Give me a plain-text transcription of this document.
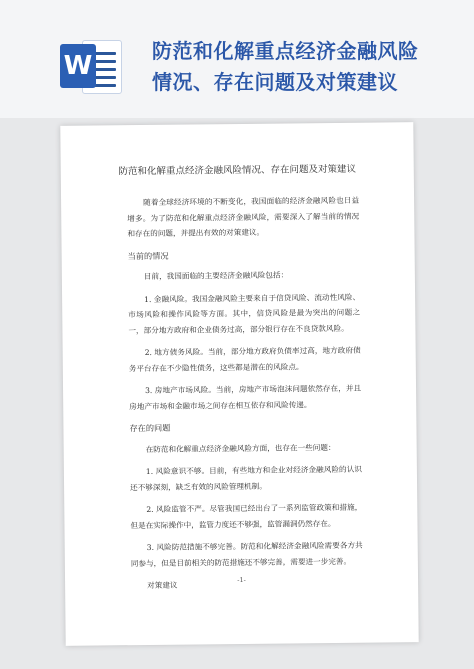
W	防范和化解重点经济金融风险
情况、存在问题及对策建议
防范和化解重点经济金融风险情况、存在问题及对策建议

随着全球经济环境的不断变化，我国面临的经济金融风险也日益增多。为了防范和化解重点经济金融风险，需要深入了解当前的情况和存在的问题，并提出有效的对策建议。

当前的情况

目前，我国面临的主要经济金融风险包括：

1. 金融风险。我国金融风险主要来自于信贷风险、流动性风险、市场风险和操作风险等方面。其中，信贷风险是最为突出的问题之一，部分地方政府和企业债务过高，部分银行存在不良贷款风险。

2. 地方债务风险。当前，部分地方政府负债率过高，地方政府债务平台存在不少隐性债务，这些都是潜在的风险点。

3. 房地产市场风险。当前，房地产市场泡沫问题依然存在，并且房地产市场和金融市场之间存在相互依存和风险传递。

存在的问题

在防范和化解重点经济金融风险方面，也存在一些问题：

1. 风险意识不够。目前，有些地方和企业对经济金融风险的认识还不够深刻，缺乏有效的风险管理机制。

2. 风险监管不严。尽管我国已经出台了一系列监管政策和措施，但是在实际操作中，监管力度还不够强，监管漏洞仍然存在。

3. 风险防范措施不够完善。防范和化解经济金融风险需要各方共同参与，但是目前相关的防范措施还不够完善，需要进一步完善。

对策建议

-1-
